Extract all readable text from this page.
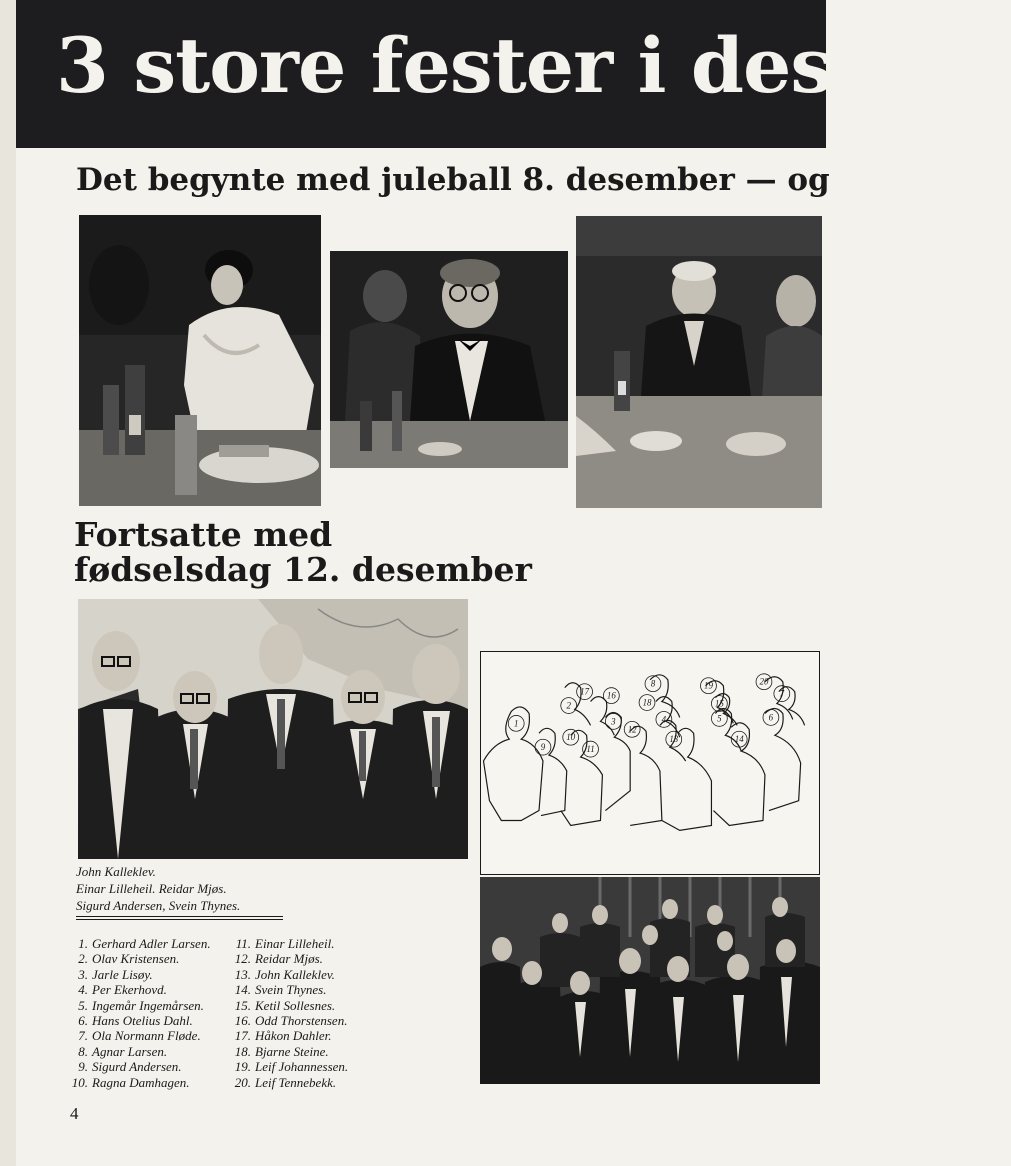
3 store fester i desemb
Det begynte med juleball 8. desember — og
Fortsatte med
fødselsdag 12. desember
John Kalleklev.
Einar Lilleheil. Reidar Mjøs.
Sigurd Andersen, Svein Thynes.
1. Gerhard Adler Larsen.
2. Olav Kristensen.
3. Jarle Lisøy.
4. Per Ekerhovd.
5. Ingemår Ingemårsen.
6. Hans Otelius Dahl.
7. Ola Normann Fløde.
8. Agnar Larsen.
9. Sigurd Andersen.
10. Ragna Damhagen.
11. Einar Lilleheil.
12. Reidar Mjøs.
13. John Kalleklev.
14. Svein Thynes.
15. Ketil Sollesnes.
16. Odd Thorstensen.
17. Håkon Dahler.
18. Bjarne Steine.
19. Leif Johannessen.
20. Leif Tennebekk.
1
2
3	4	5	6
7
8
9
10
11
12
13	14
15
16
17
18
19	20
4
